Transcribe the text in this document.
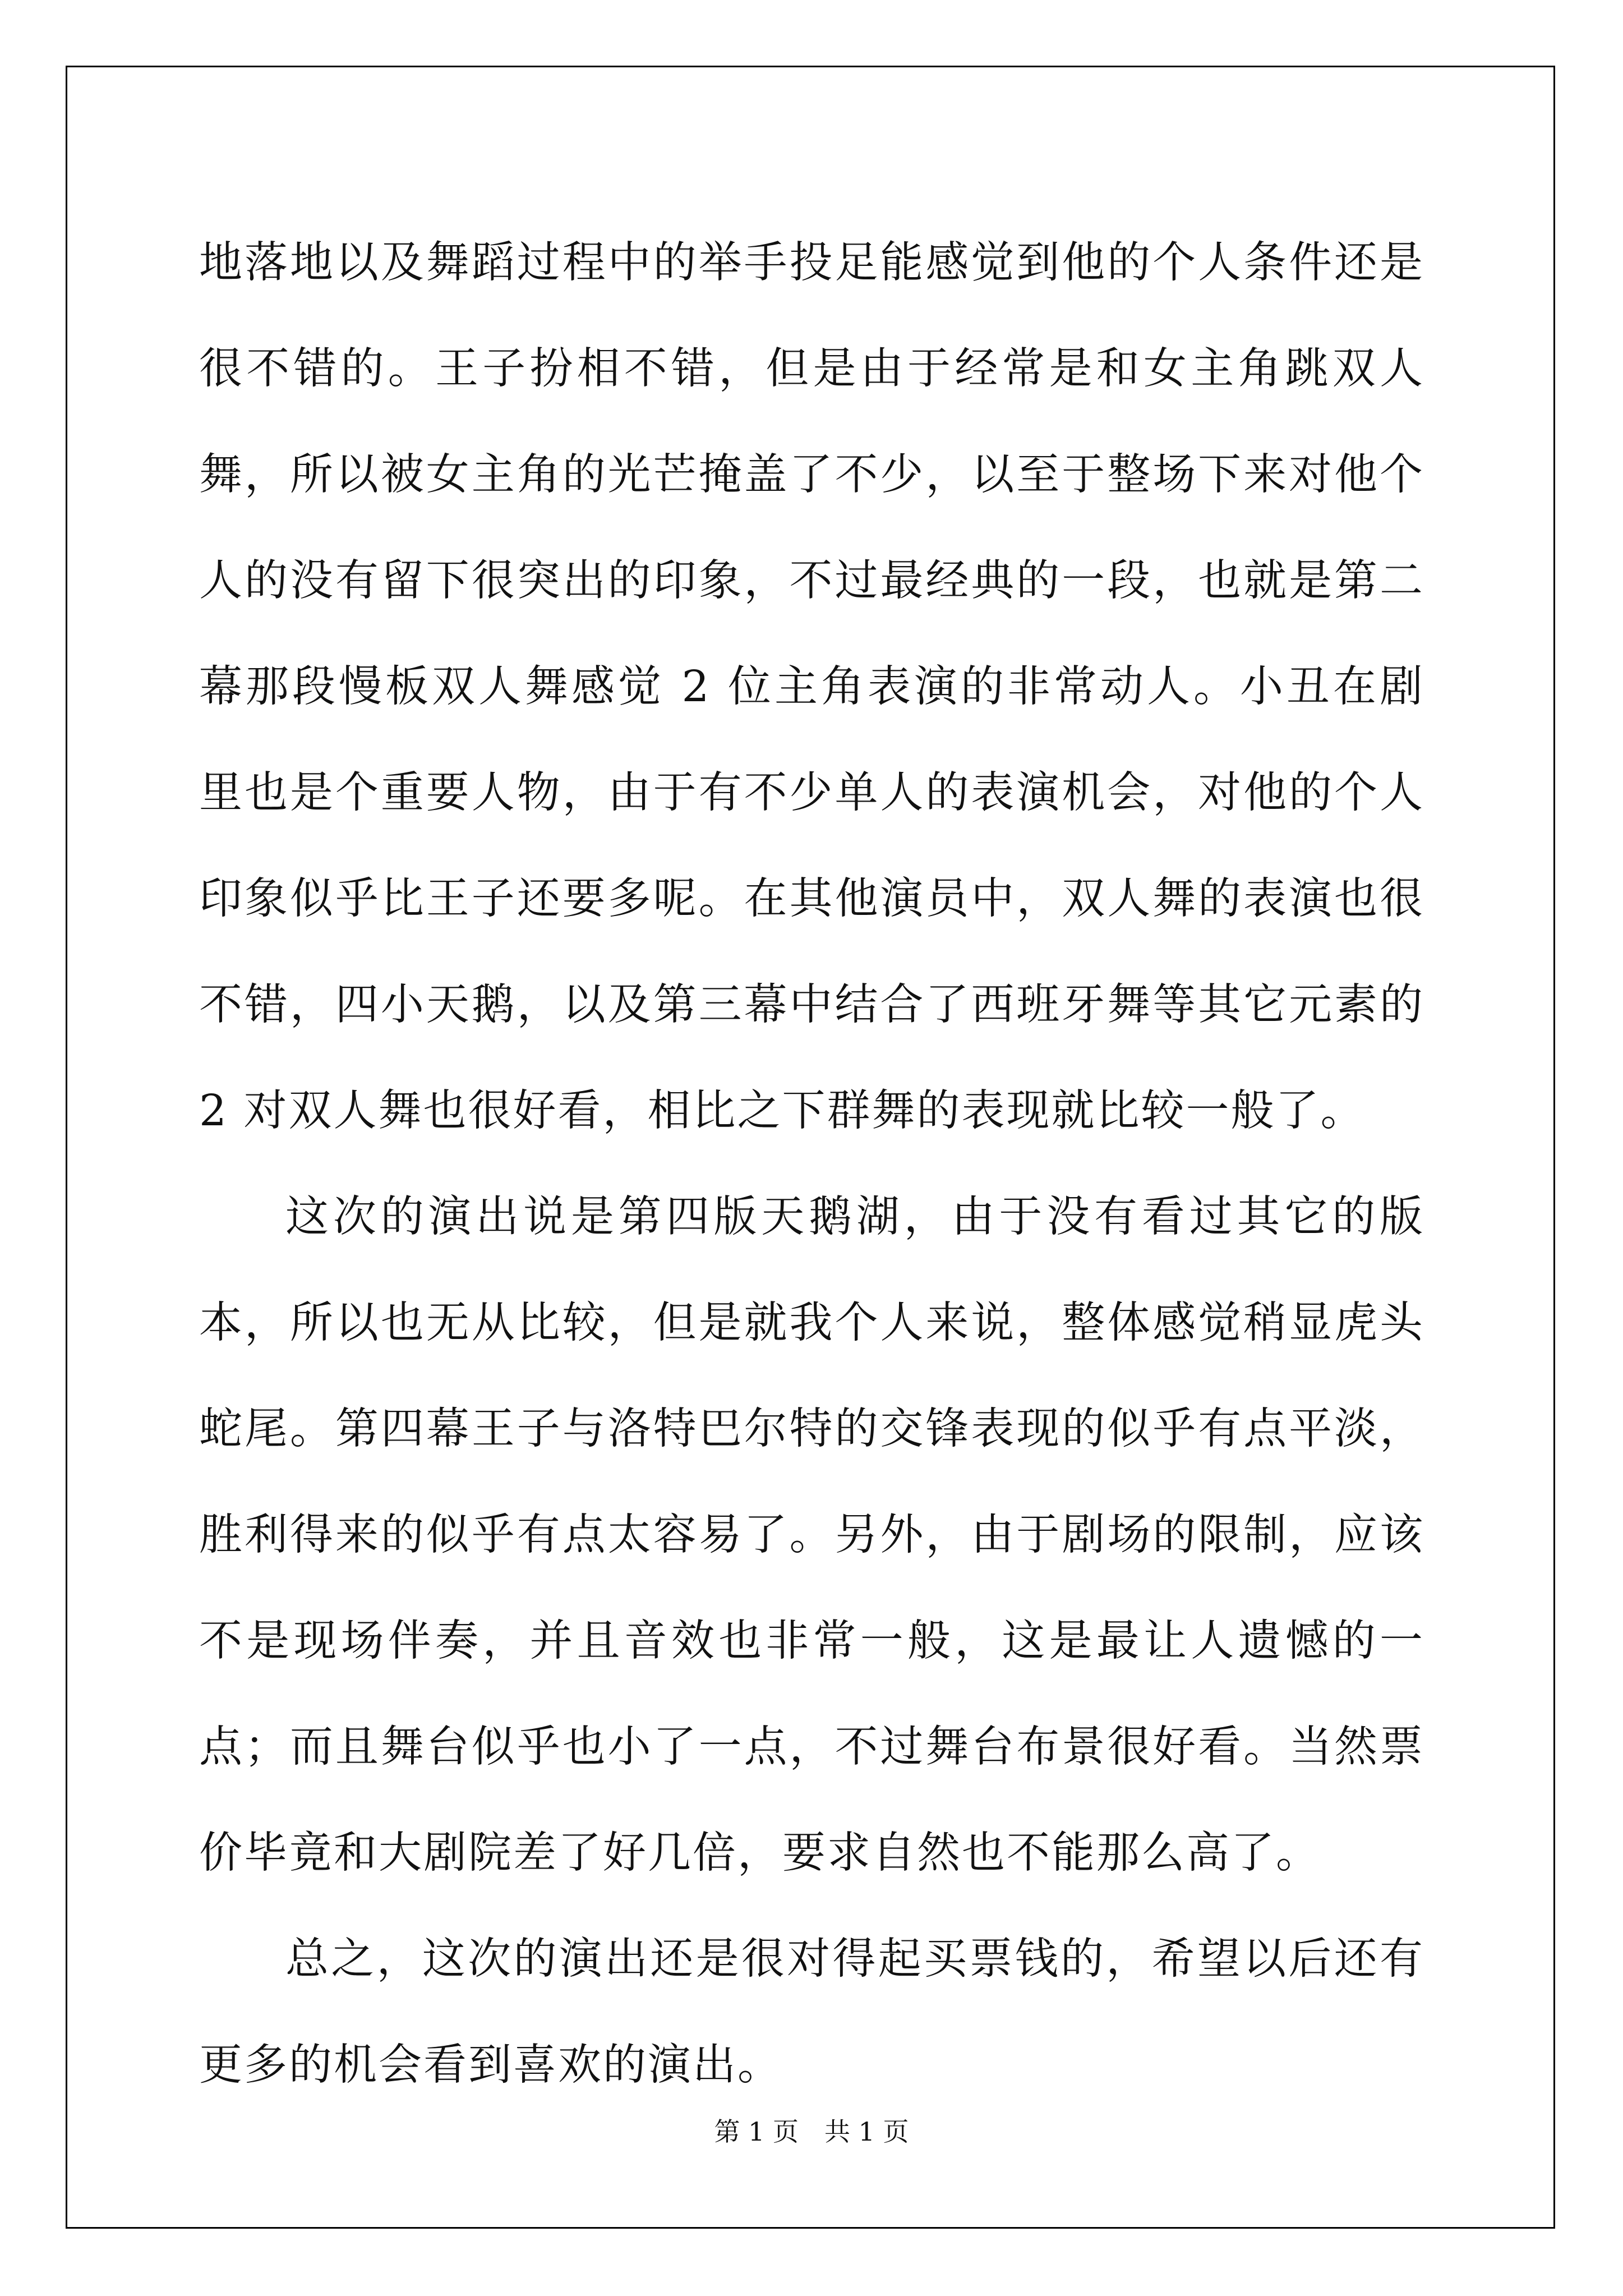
地落地以及舞蹈过程中的举手投足能感觉到他的个人条件还是很不错的。王子扮相不错，但是由于经常是和女主角跳双人舞，所以被女主角的光芒掩盖了不少，以至于整场下来对他个人的没有留下很突出的印象，不过最经典的一段，也就是第二幕那段慢板双人舞感觉 2 位主角表演的非常动人。小丑在剧里也是个重要人物，由于有不少单人的表演机会，对他的个人印象似乎比王子还要多呢。在其他演员中，双人舞的表演也很不错，四小天鹅，以及第三幕中结合了西班牙舞等其它元素的 2 对双人舞也很好看，相比之下群舞的表现就比较一般了。

这次的演出说是第四版天鹅湖，由于没有看过其它的版本，所以也无从比较，但是就我个人来说，整体感觉稍显虎头蛇尾。第四幕王子与洛特巴尔特的交锋表现的似乎有点平淡，胜利得来的似乎有点太容易了。另外，由于剧场的限制，应该不是现场伴奏，并且音效也非常一般，这是最让人遗憾的一点；而且舞台似乎也小了一点，不过舞台布景很好看。当然票价毕竟和大剧院差了好几倍，要求自然也不能那么高了。

总之，这次的演出还是很对得起买票钱的，希望以后还有更多的机会看到喜欢的演出。

第 1 页 共 1 页
